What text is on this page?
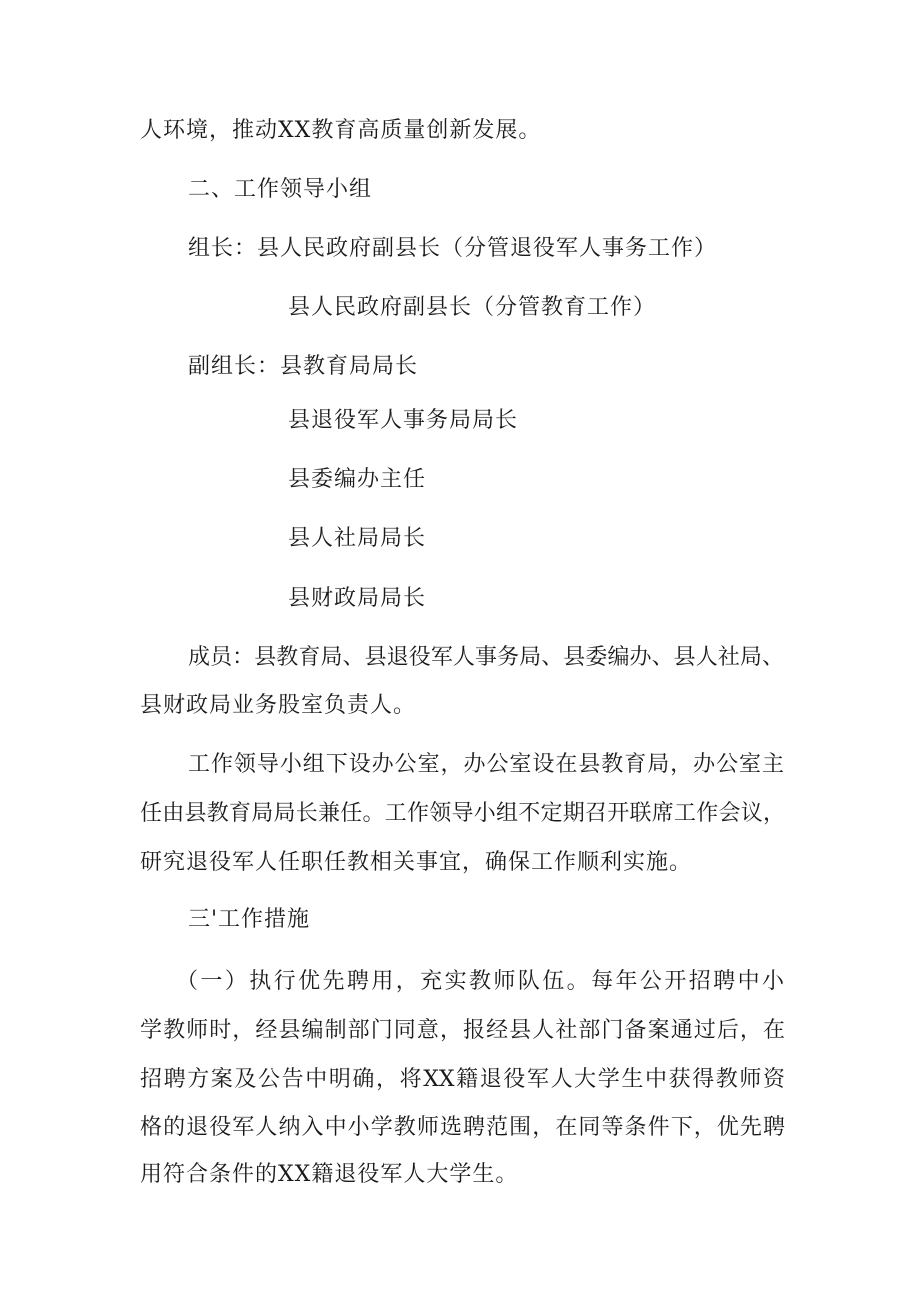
人环境，推动XX教育高质量创新发展。
二、工作领导小组
组长：县人民政府副县长（分管退役军人事务工作）
县人民政府副县长（分管教育工作）
副组长：县教育局局长
县退役军人事务局局长
县委编办主任
县人社局局长
县财政局局长
成员：县教育局、县退役军人事务局、县委编办、县人社局、
县财政局业务股室负责人。
工作领导小组下设办公室，办公室设在县教育局，办公室主
任由县教育局局长兼任。工作领导小组不定期召开联席工作会议，
研究退役军人任职任教相关事宜，确保工作顺利实施。
三'工作措施
（一）执行优先聘用，充实教师队伍。每年公开招聘中小
学教师时，经县编制部门同意，报经县人社部门备案通过后，在
招聘方案及公告中明确，将XX籍退役军人大学生中获得教师资
格的退役军人纳入中小学教师选聘范围，在同等条件下，优先聘
用符合条件的XX籍退役军人大学生。
